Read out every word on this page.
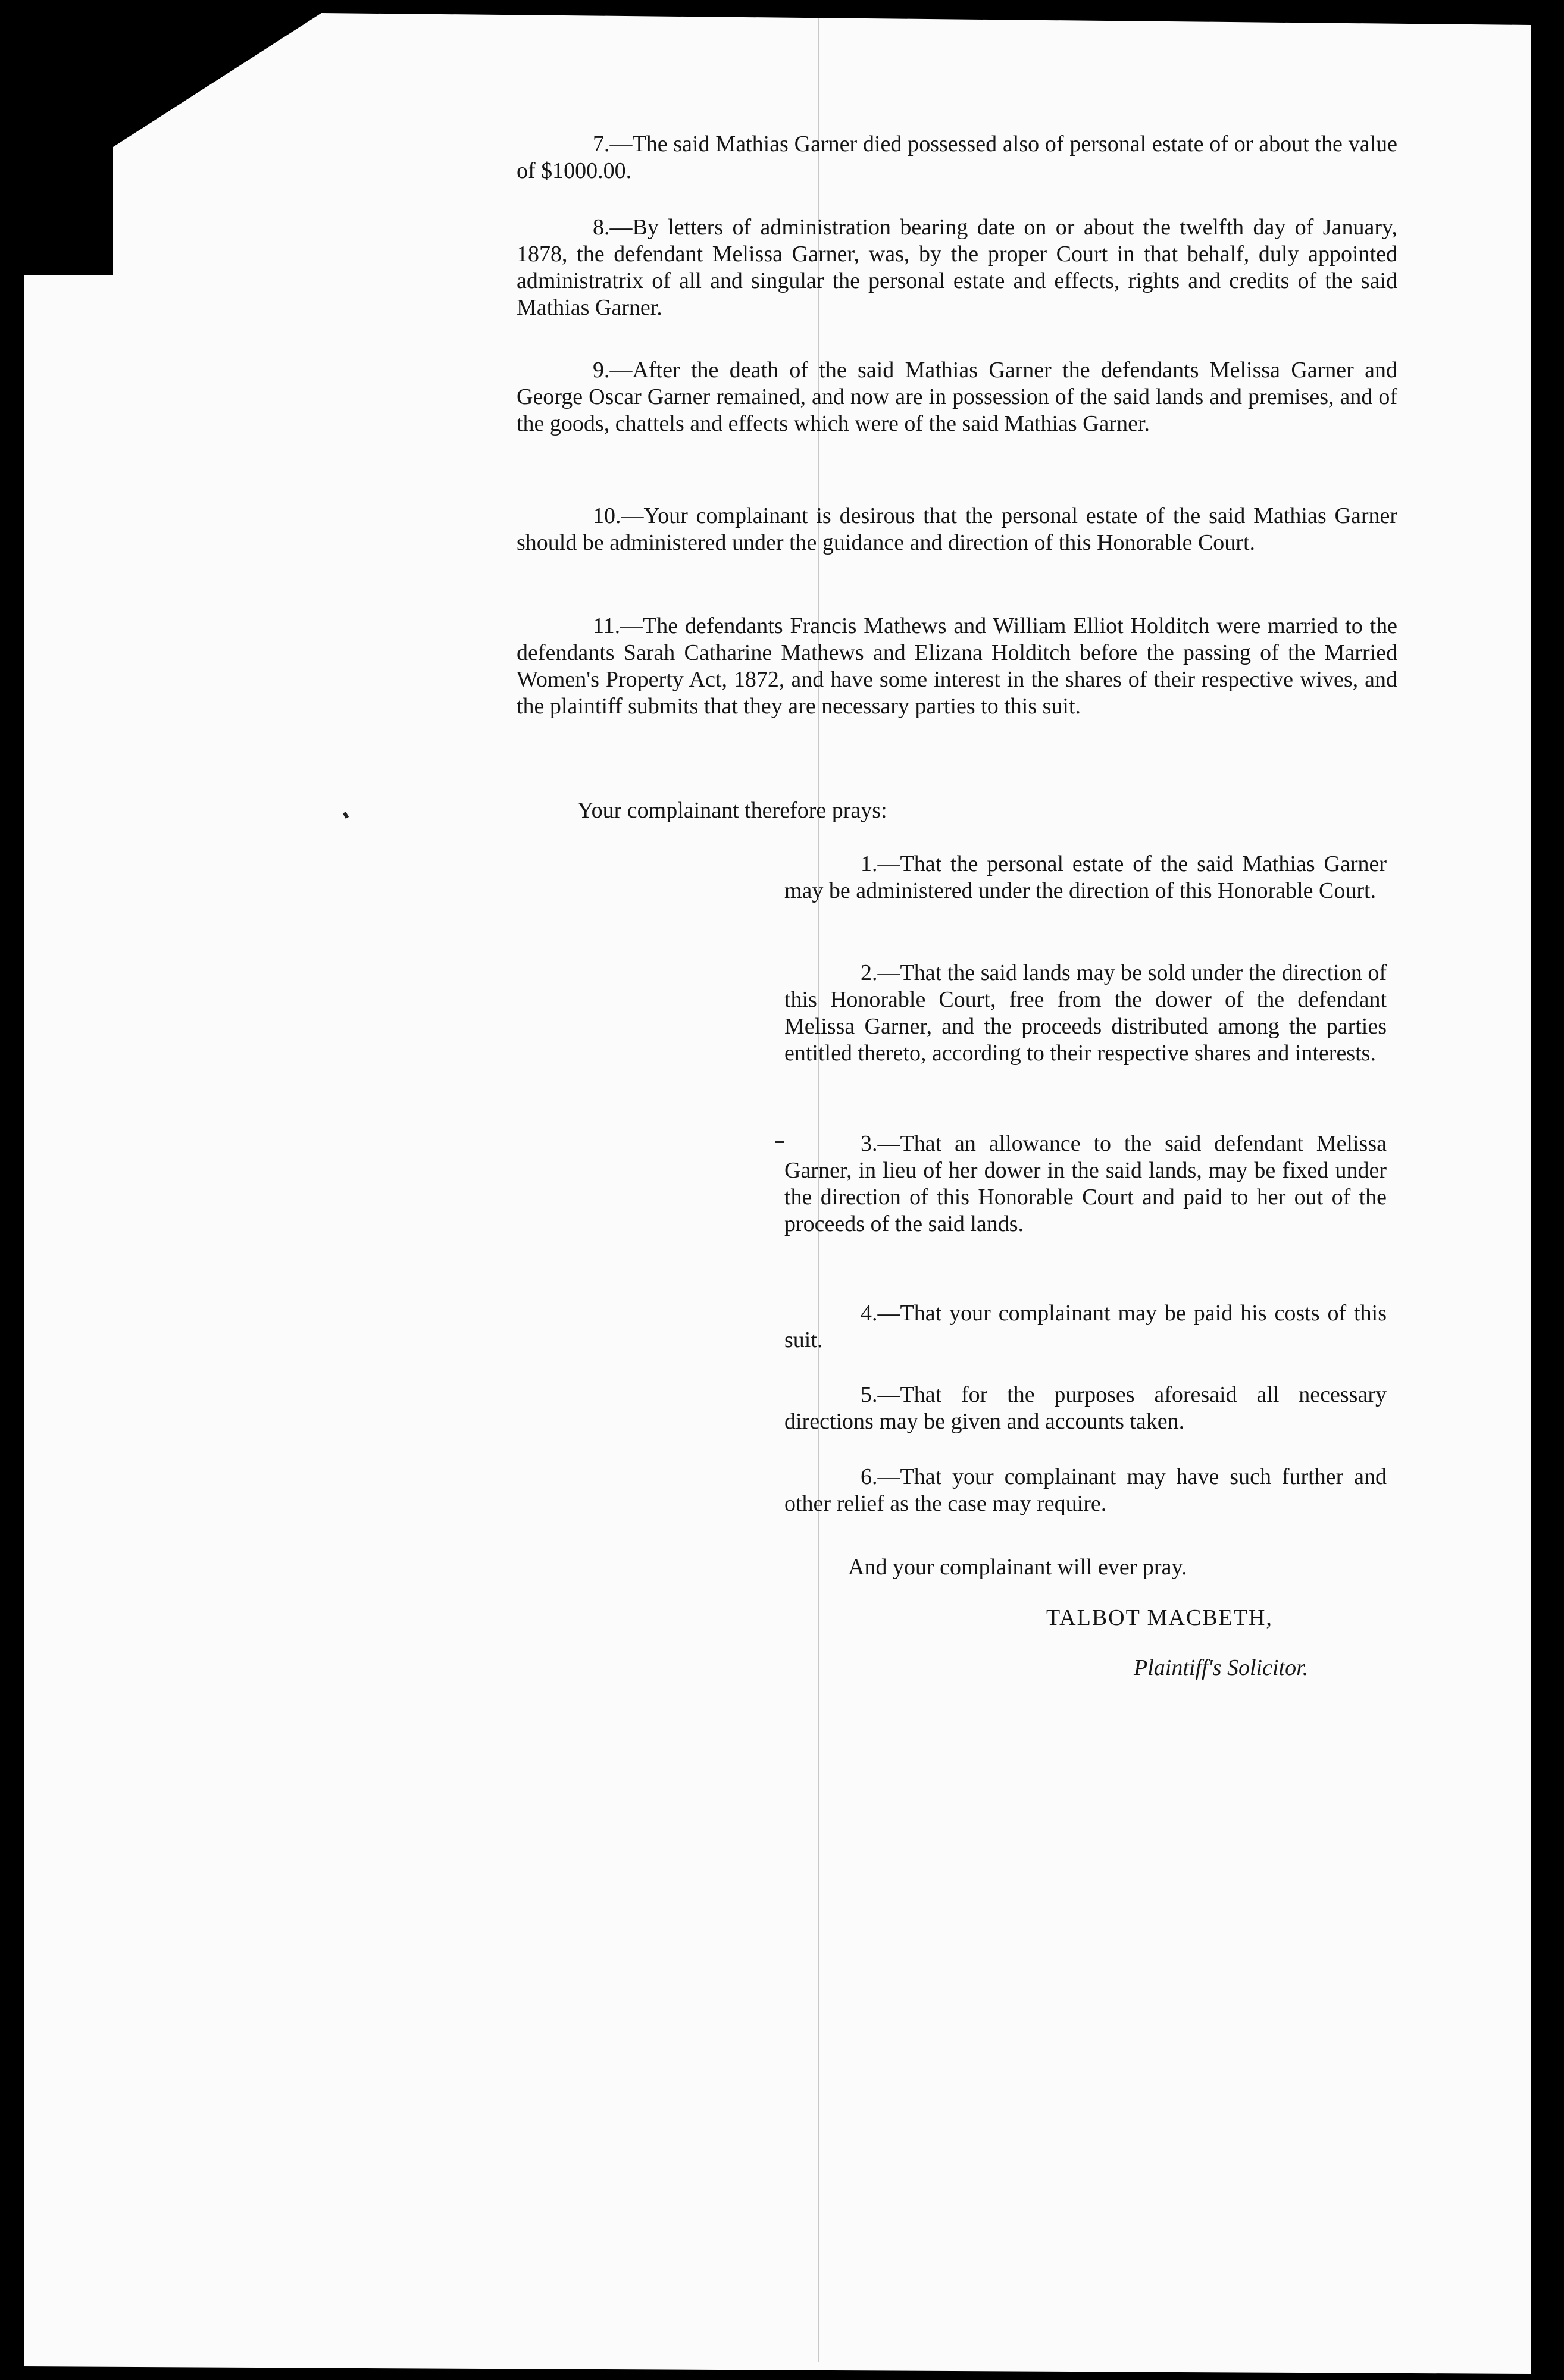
7.—The said Mathias Garner died possessed also of personal estate of or about the value of $1000.00.

8.—By letters of administration bearing date on or about the twelfth day of January, 1878, the defendant Melissa Garner, was, by the proper Court in that behalf, duly appointed administratrix of all and singular the personal estate and effects, rights and credits of the said Mathias Garner.

9.—After the death of the said Mathias Garner the defendants Melissa Garner and George Oscar Garner remained, and now are in possession of the said lands and premises, and of the goods, chattels and effects which were of the said Mathias Garner.

10.—Your complainant is desirous that the personal estate of the said Mathias Garner should be administered under the guidance and direction of this Honorable Court.

11.—The defendants Francis Mathews and William Elliot Holditch were married to the defendants Sarah Catharine Mathews and Elizana Holditch before the passing of the Married Women's Property Act, 1872, and have some interest in the shares of their respective wives, and the plaintiff submits that they are necessary parties to this suit.

Your complainant therefore prays:

1.—That the personal estate of the said Mathias Garner may be administered under the direction of this Honorable Court.

2.—That the said lands may be sold under the direction of this Honorable Court, free from the dower of the defendant Melissa Garner, and the proceeds distributed among the parties entitled thereto, according to their respective shares and interests.

3.—That an allowance to the said defendant Melissa Garner, in lieu of her dower in the said lands, may be fixed under the direction of this Honorable Court and paid to her out of the proceeds of the said lands.

4.—That your complainant may be paid his costs of this suit.

5.—That for the purposes aforesaid all necessary directions may be given and accounts taken.

6.—That your complainant may have such further and other relief as the case may require.

And your complainant will ever pray.

TALBOT MACBETH,

Plaintiff's Solicitor.
